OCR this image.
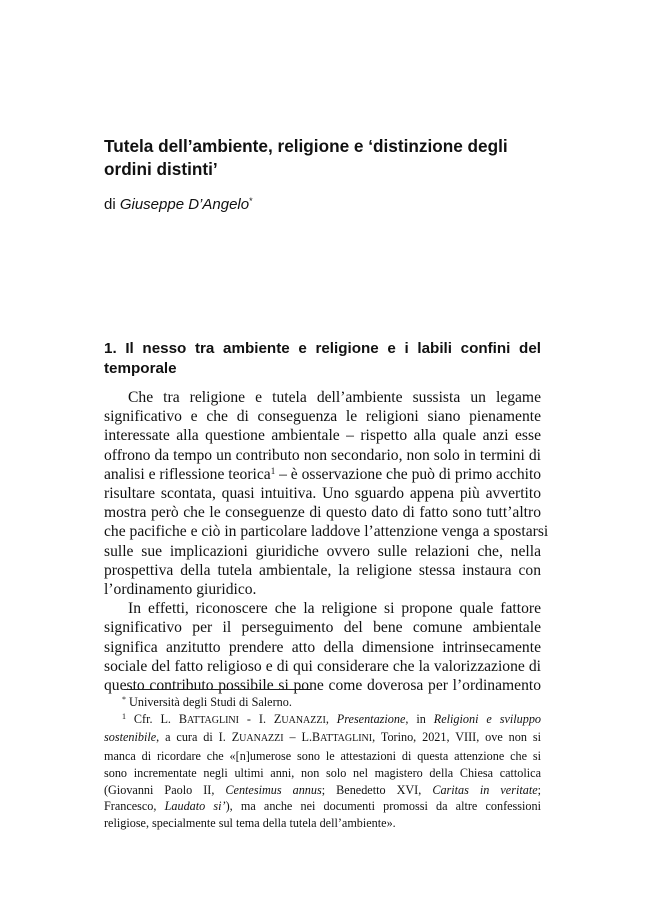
Tutela dell’ambiente, religione e ‘distinzione degli ordini distinti’
di Giuseppe D’Angelo*
1. Il nesso tra ambiente e religione e i labili confini del
temporale
Che tra religione e tutela dell’ambiente sussista un legame
significativo e che di conseguenza le religioni siano pienamente
interessate alla questione ambientale – rispetto alla quale anzi esse
offrono da tempo un contributo non secondario, non solo in termini di
analisi e riflessione teorica$^1$ – è osservazione che può di primo acchito
risultare scontata, quasi intuitiva. Uno sguardo appena più avvertito
mostra però che le conseguenze di questo dato di fatto sono tutt’altro
che pacifiche e ciò in particolare laddove l’attenzione venga a spostarsi
sulle sue implicazioni giuridiche ovvero sulle relazioni che, nella
prospettiva della tutela ambientale, la religione stessa instaura con
l’ordinamento giuridico.
In effetti, riconoscere che la religione si propone quale fattore
significativo per il perseguimento del bene comune ambientale
significa anzitutto prendere atto della dimensione intrinsecamente
sociale del fatto religioso e di qui considerare che la valorizzazione di
questo contributo possibile si pone come doverosa per l’ordinamento
* Università degli Studi di Salerno.
$^1$ Cfr. L. BATTAGLINI - I. ZUANAZZI, Presentazione, in Religioni e sviluppo
sostenibile, a cura di I. ZUANAZZI – L.BATTAGLINI, Torino, 2021, VIII, ove non si
manca di ricordare che «[n]umerose sono le attestazioni di questa attenzione che si
sono incrementate negli ultimi anni, non solo nel magistero della Chiesa cattolica
(Giovanni Paolo II, Centesimus annus; Benedetto XVI, Caritas in veritate;
Francesco, Laudato si’), ma anche nei documenti promossi da altre confessioni
religiose, specialmente sul tema della tutela dell’ambiente».
